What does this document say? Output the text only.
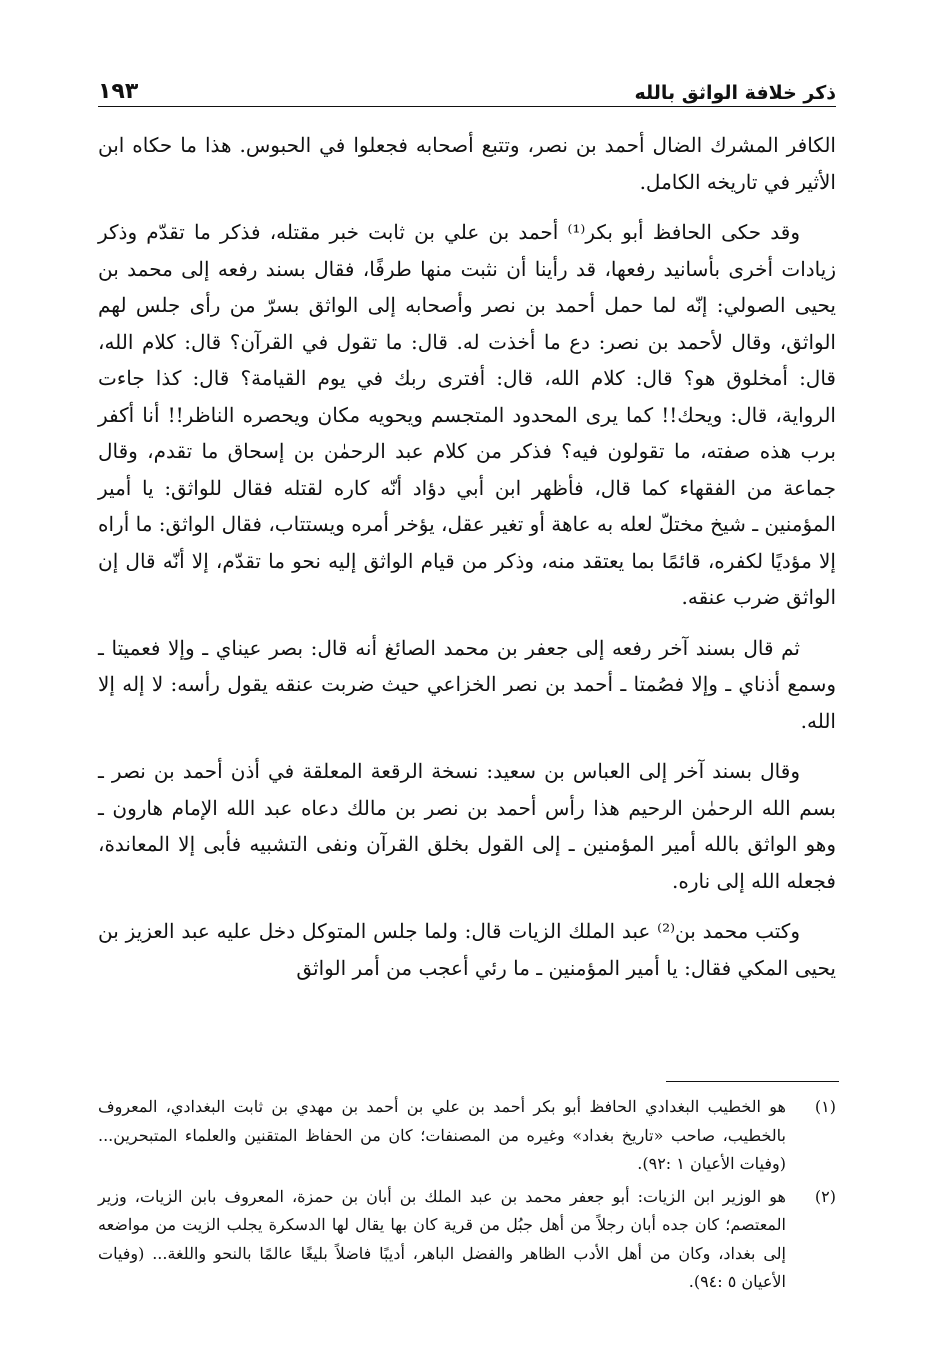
ذكر خلافة الواثق بالله
١٩٣

الكافر المشرك الضال أحمد بن نصر، وتتبع أصحابه فجعلوا في الحبوس. هذا ما حكاه ابن الأثير في تاريخه الكامل.

وقد حكى الحافظ أبو بكر⁽¹⁾ أحمد بن علي بن ثابت خبر مقتله، فذكر ما تقدّم وذكر زيادات أخرى بأسانيد رفعها، قد رأينا أن نثبت منها طرفًا، فقال بسند رفعه إلى محمد بن يحيى الصولي: إنّه لما حمل أحمد بن نصر وأصحابه إلى الواثق بسرّ من رأى جلس لهم الواثق، وقال لأحمد بن نصر: دع ما أخذت له. قال: ما تقول في القرآن؟ قال: كلام الله، قال: أمخلوق هو؟ قال: كلام الله، قال: أفترى ربك في يوم القيامة؟ قال: كذا جاءت الرواية، قال: ويحك!! كما يرى المحدود المتجسم ويحويه مكان ويحصره الناظر!! أنا أكفر برب هذه صفته، ما تقولون فيه؟ فذكر من كلام عبد الرحمٰن بن إسحاق ما تقدم، وقال جماعة من الفقهاء كما قال، فأظهر ابن أبي دؤاد أنّه كاره لقتله فقال للواثق: يا أمير المؤمنين ـ شيخ مختلّ لعله به عاهة أو تغير عقل، يؤخر أمره ويستتاب، فقال الواثق: ما أراه إلا مؤديًا لكفره، قائمًا بما يعتقد منه، وذكر من قيام الواثق إليه نحو ما تقدّم، إلا أنّه قال إن الواثق ضرب عنقه.

ثم قال بسند آخر رفعه إلى جعفر بن محمد الصائغ أنه قال: بصر عيناي ـ وإلا فعميتا ـ وسمع أذناي ـ وإلا فصُمتا ـ أحمد بن نصر الخزاعي حيث ضربت عنقه يقول رأسه: لا إله إلا الله.

وقال بسند آخر إلى العباس بن سعيد: نسخة الرقعة المعلقة في أذن أحمد بن نصر ـ بسم الله الرحمٰن الرحيم هذا رأس أحمد بن نصر بن مالك دعاه عبد الله الإمام هارون ـ وهو الواثق بالله أمير المؤمنين ـ إلى القول بخلق القرآن ونفى التشبيه فأبى إلا المعاندة، فجعله الله إلى ناره.

وكتب محمد بن⁽²⁾ عبد الملك الزيات قال: ولما جلس المتوكل دخل عليه عبد العزيز بن يحيى المكي فقال: يا أمير المؤمنين ـ ما رئي أعجب من أمر الواثق

(١)
هو الخطيب البغدادي الحافظ أبو بكر أحمد بن علي بن أحمد بن مهدي بن ثابت البغدادي، المعروف بالخطيب، صاحب «تاريخ بغداد» وغيره من المصنفات؛ كان من الحفاظ المتقنين والعلماء المتبحرين... (وفيات الأعيان ١ :٩٢).
(٢)
هو الوزير ابن الزيات: أبو جعفر محمد بن عبد الملك بن أبان بن حمزة، المعروف بابن الزيات، وزير المعتصم؛ كان جده أبان رجلاً من أهل جبُل من قرية كان بها يقال لها الدسكرة يجلب الزيت من مواضعه إلى بغداد، وكان من أهل الأدب الظاهر والفضل الباهر، أديبًا فاضلاً بليغًا عالمًا بالنحو واللغة... (وفيات الأعيان ٥ :٩٤).
